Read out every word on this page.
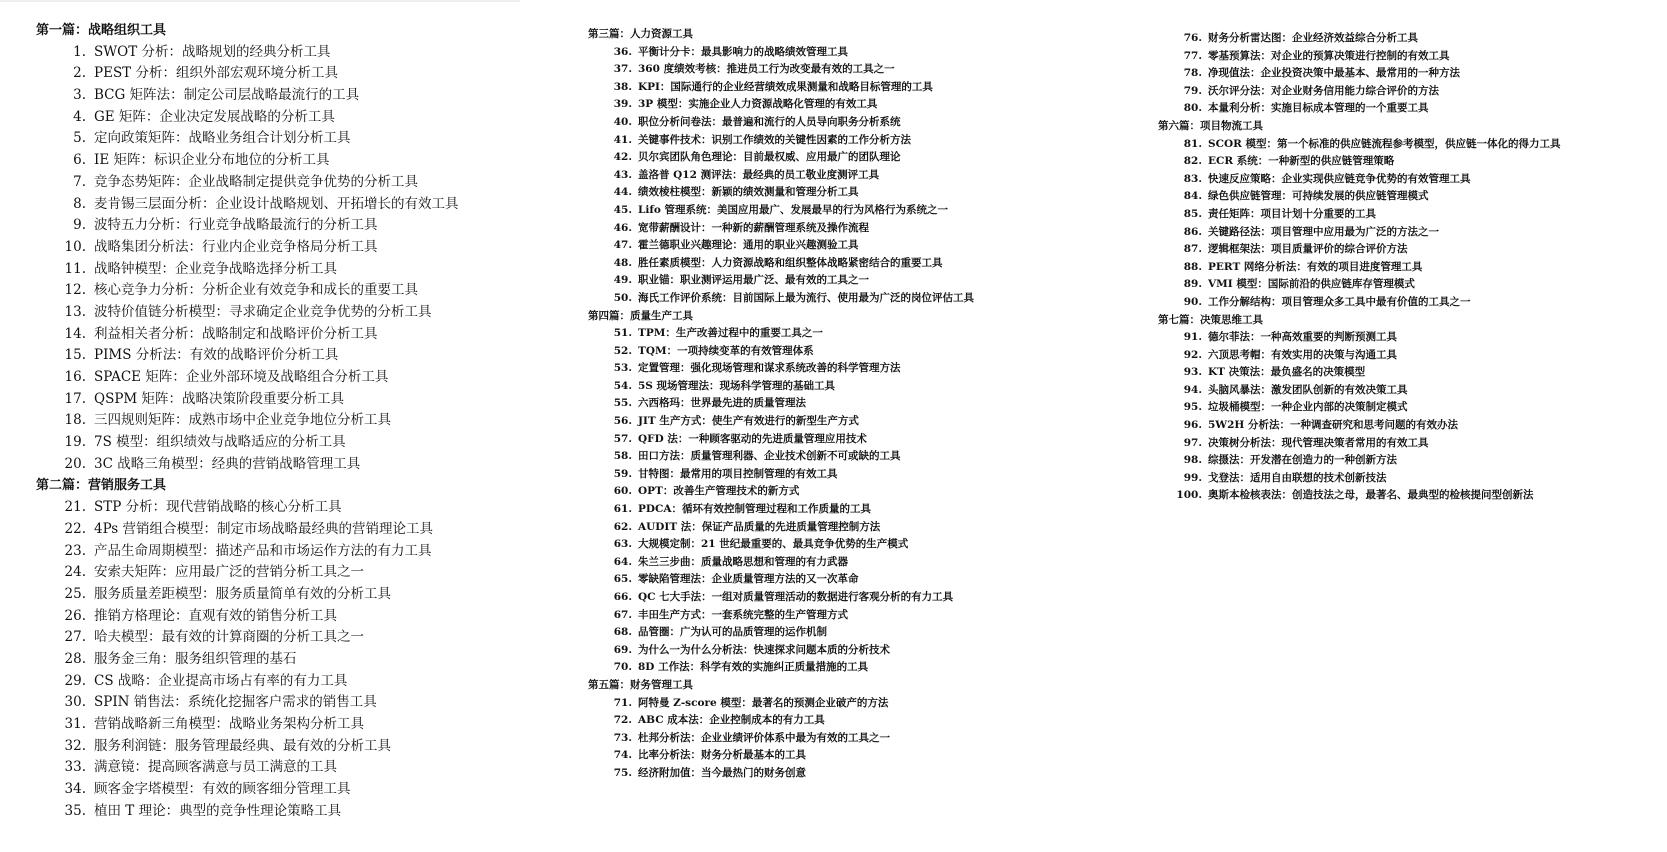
第一篇：战略组织工具
1. SWOT 分析：战略规划的经典分析工具
2. PEST 分析：组织外部宏观环境分析工具
3. BCG 矩阵法：制定公司层战略最流行的工具
4. GE 矩阵：企业决定发展战略的分析工具
5. 定向政策矩阵：战略业务组合计划分析工具
6. IE 矩阵：标识企业分布地位的分析工具
7. 竞争态势矩阵：企业战略制定提供竞争优势的分析工具
8. 麦肯锡三层面分析：企业设计战略规划、开拓增长的有效工具
9. 波特五力分析：行业竞争战略最流行的分析工具
10. 战略集团分析法：行业内企业竞争格局分析工具
11. 战略钟模型：企业竞争战略选择分析工具
12. 核心竞争力分析：分析企业有效竞争和成长的重要工具
13. 波特价值链分析模型：寻求确定企业竞争优势的分析工具
14. 利益相关者分析：战略制定和战略评价分析工具
15. PIMS 分析法：有效的战略评价分析工具
16. SPACE 矩阵：企业外部环境及战略组合分析工具
17. QSPM 矩阵：战略决策阶段重要分析工具
18. 三四规则矩阵：成熟市场中企业竞争地位分析工具
19. 7S 模型：组织绩效与战略适应的分析工具
20. 3C 战略三角模型：经典的营销战略管理工具
第二篇：营销服务工具
21. STP 分析：现代营销战略的核心分析工具
22. 4Ps 营销组合模型：制定市场战略最经典的营销理论工具
23. 产品生命周期模型：描述产品和市场运作方法的有力工具
24. 安索夫矩阵：应用最广泛的营销分析工具之一
25. 服务质量差距模型：服务质量简单有效的分析工具
26. 推销方格理论：直观有效的销售分析工具
27. 哈夫模型：最有效的计算商圈的分析工具之一
28. 服务金三角：服务组织管理的基石
29. CS 战略：企业提高市场占有率的有力工具
30. SPIN 销售法：系统化挖掘客户需求的销售工具
31. 营销战略新三角模型：战略业务架构分析工具
32. 服务利润链：服务管理最经典、最有效的分析工具
33. 满意镜：提高顾客满意与员工满意的工具
34. 顾客金字塔模型：有效的顾客细分管理工具
35. 植田 T 理论：典型的竞争性理论策略工具
第三篇：人力资源工具
36. 平衡计分卡：最具影响力的战略绩效管理工具
37. 360 度绩效考核：推进员工行为改变最有效的工具之一
38. KPI：国际通行的企业经营绩效成果测量和战略目标管理的工具
39. 3P 模型：实施企业人力资源战略化管理的有效工具
40. 职位分析问卷法：最普遍和流行的人员导向职务分析系统
41. 关键事件技术：识别工作绩效的关键性因素的工作分析方法
42. 贝尔宾团队角色理论：目前最权威、应用最广的团队理论
43. 盖洛普 Q12 测评法：最经典的员工敬业度测评工具
44. 绩效棱柱模型：新颖的绩效测量和管理分析工具
45. Lifo 管理系统：美国应用最广、发展最早的行为风格行为系统之一
46. 宽带薪酬设计：一种新的薪酬管理系统及操作流程
47. 霍兰德职业兴趣理论：通用的职业兴趣测验工具
48. 胜任素质模型：人力资源战略和组织整体战略紧密结合的重要工具
49. 职业锚：职业测评运用最广泛、最有效的工具之一
50. 海氏工作评价系统：目前国际上最为流行、使用最为广泛的岗位评估工具
第四篇：质量生产工具
51. TPM：生产改善过程中的重要工具之一
52. TQM：一项持续变革的有效管理体系
53. 定置管理：强化现场管理和谋求系统改善的科学管理方法
54. 5S 现场管理法：现场科学管理的基础工具
55. 六西格玛：世界最先进的质量管理法
56. JIT 生产方式：使生产有效进行的新型生产方式
57. QFD 法：一种顾客驱动的先进质量管理应用技术
58. 田口方法：质量管理利器、企业技术创新不可或缺的工具
59. 甘特图：最常用的项目控制管理的有效工具
60. OPT：改善生产管理技术的新方式
61. PDCA：循环有效控制管理过程和工作质量的工具
62. AUDIT 法：保证产品质量的先进质量管理控制方法
63. 大规模定制：21 世纪最重要的、最具竞争优势的生产模式
64. 朱兰三步曲：质量战略思想和管理的有力武器
65. 零缺陷管理法：企业质量管理方法的又一次革命
66. QC 七大手法：一组对质量管理活动的数据进行客观分析的有力工具
67. 丰田生产方式：一套系统完整的生产管理方式
68. 品管圈：广为认可的品质管理的运作机制
69. 为什么一为什么分析法：快速探求问题本质的分析技术
70. 8D 工作法：科学有效的实施纠正质量措施的工具
第五篇：财务管理工具
71. 阿特曼 Z-score 模型：最著名的预测企业破产的方法
72. ABC 成本法：企业控制成本的有力工具
73. 杜邦分析法：企业业绩评价体系中最为有效的工具之一
74. 比率分析法：财务分析最基本的工具
75. 经济附加值：当今最热门的财务创意
76. 财务分析雷达图：企业经济效益综合分析工具
77. 零基预算法：对企业的预算决策进行控制的有效工具
78. 净现值法：企业投资决策中最基本、最常用的一种方法
79. 沃尔评分法：对企业财务信用能力综合评价的方法
80. 本量利分析：实施目标成本管理的一个重要工具
第六篇：项目物流工具
81. SCOR 模型：第一个标准的供应链流程参考模型，供应链一体化的得力工具
82. ECR 系统：一种新型的供应链管理策略
83. 快速反应策略：企业实现供应链竞争优势的有效管理工具
84. 绿色供应链管理：可持续发展的供应链管理模式
85. 责任矩阵：项目计划十分重要的工具
86. 关键路径法：项目管理中应用最为广泛的方法之一
87. 逻辑框架法：项目质量评价的综合评价方法
88. PERT 网络分析法：有效的项目进度管理工具
89. VMI 模型：国际前沿的供应链库存管理模式
90. 工作分解结构：项目管理众多工具中最有价值的工具之一
第七篇：决策思维工具
91. 德尔菲法：一种高效重要的判断预测工具
92. 六顶思考帽：有效实用的决策与沟通工具
93. KT 决策法：最负盛名的决策模型
94. 头脑风暴法：激发团队创新的有效决策工具
95. 垃圾桶模型：一种企业内部的决策制定模式
96. 5W2H 分析法：一种调查研究和思考问题的有效办法
97. 决策树分析法：现代管理决策者常用的有效工具
98. 综摄法：开发潜在创造力的一种创新方法
99. 戈登法：适用自由联想的技术创新技法
100. 奥斯本检核表法：创造技法之母，最著名、最典型的检核提问型创新法
